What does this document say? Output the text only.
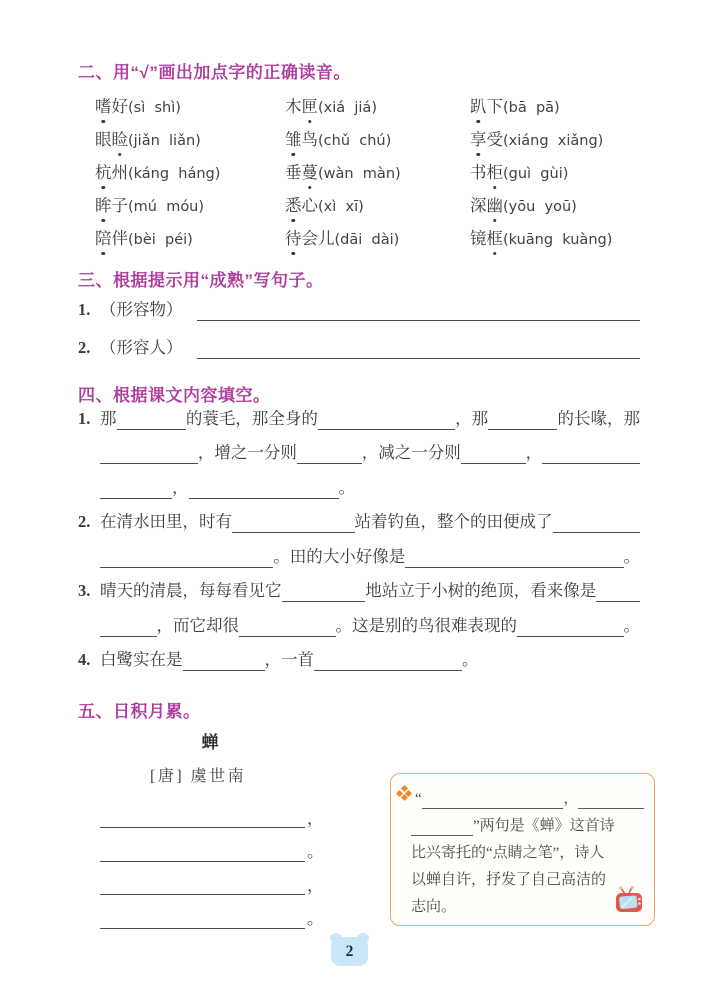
二、用“√”画出加点字的正确读音。
嗜好(sì  shì)	木匣(xiá  jiá)	趴下(bā  pā)
眼睑(jiǎn  liǎn)	雏鸟(chǔ  chú)	享受(xiáng  xiǎng)
杭州(káng  háng)	垂蔓(wàn  màn)	书柜(guì  gùi)
眸子(mú  móu)	悉心(xì  xī)	深幽(yōu  yoū)
陪伴(bèi  péi)	待会儿(dāi  dài)	镜框(kuāng  kuàng)
三、根据提示用“成熟”写句子。
1. （形容物）
2. （形容人）
四、根据课文内容填空。
1. 那	的蓑毛，那全身的	，那	的长喙，那
，增之一分则	，减之一分则	，
，	。
2. 在清水田里，时有	站着钓鱼，整个的田便成了
。田的大小好像是	。
3. 晴天的清晨，每每看见它	地站立于小树的绝顶，看来像是
，而它却很	。这是别的鸟很难表现的	。
4. 白鹭实在是	，一首	。
五、日积月累。
蝉
[唐] 虞世南
，
。
，
。
“	，
”两句是《蝉》这首诗
比兴寄托的“点睛之笔”，诗人
以蝉自许，抒发了自己高洁的
志向。
2
